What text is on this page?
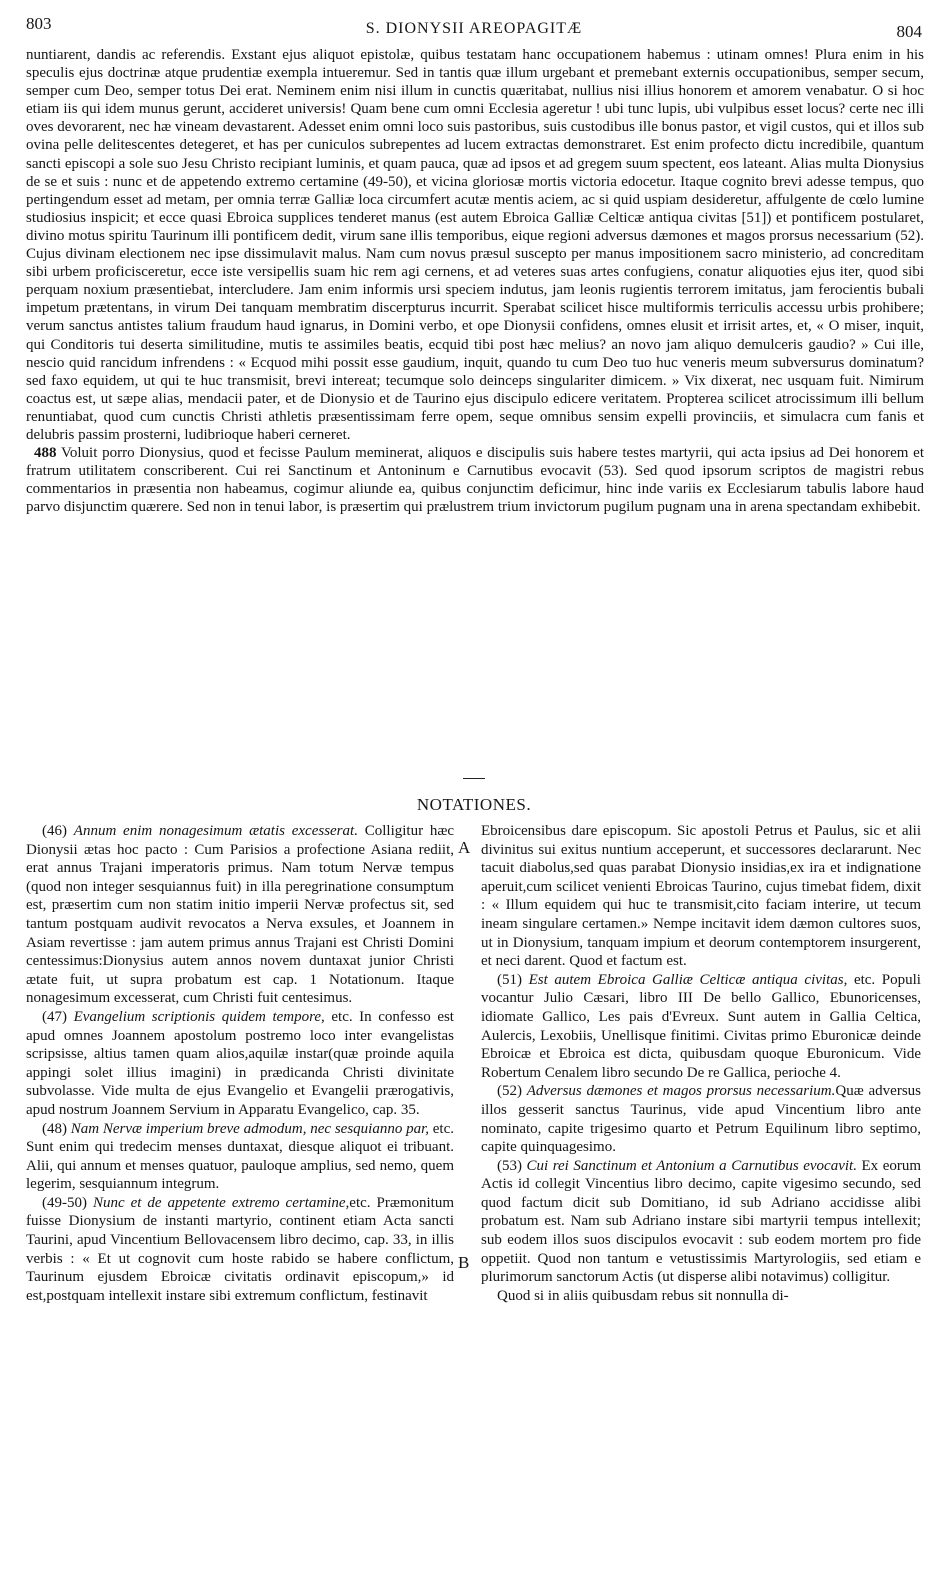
803	S. DIONYSII AREOPAGITÆ	804

nuntiarent, dandis ac referendis. Exstant ejus aliquot epistolæ, quibus testatam hanc occupationem habemus : utinam omnes! Plura enim in his speculis ejus doctrinæ atque prudentiæ exempla intueremur. Sed in tantis quæ illum urgebant et premebant externis occupationibus, semper secum, semper cum Deo, semper totus Dei erat. Neminem enim nisi illum in cunctis quæritabat, nullius nisi illius honorem et amorem venabatur. O si hoc etiam iis qui idem munus gerunt, accideret universis! Quam bene cum omni Ecclesia ageretur ! ubi tunc lupis, ubi vulpibus esset locus? certe nec illi oves devorarent, nec hæ vineam devastarent. Adesset enim omni loco suis pastoribus, suis custodibus ille bonus pastor, et vigil custos, qui et illos sub ovina pelle delitescentes detegeret, et has per cuniculos subrepentes ad lucem extractas demonstraret. Est enim profecto dictu incredibile, quantum sancti episcopi a sole suo Jesu Christo recipiant luminis, et quam pauca, quæ ad ipsos et ad gregem suum spectent, eos lateant. Alias multa Dionysius de se et suis : nunc et de appetendo extremo certamine (49-50), et vicina gloriosæ mortis victoria edocetur. Itaque cognito brevi adesse tempus, quo pertingendum esset ad metam, per omnia terræ Galliæ loca circumfert acutæ mentis aciem, ac si quid uspiam desideretur, affulgente de cœlo lumine studiosius inspicit; et ecce quasi Ebroica supplices tenderet manus (est autem Ebroica Galliæ Celticæ antiqua civitas [51]) et pontificem postularet, divino motus spiritu Taurinum illi pontificem dedit, virum sane illis temporibus, eique regioni adversus dæmones et magos prorsus necessarium (52). Cujus divinam electionem nec ipse dissimulavit malus. Nam cum novus præsul suscepto per manus impositionem sacro ministerio, ad concreditam sibi urbem proficisceretur, ecce iste versipellis suam hic rem agi cernens, et ad veteres suas artes confugiens, conatur aliquoties ejus iter, quod sibi perquam noxium præsentiebat, intercludere. Jam enim informis ursi speciem indutus, jam leonis rugientis terrorem imitatus, jam ferocientis bubali impetum prætentans, in virum Dei tanquam membratim discerpturus incurrit. Sperabat scilicet hisce multiformis terriculis accessu urbis prohibere; verum sanctus antistes talium fraudum haud ignarus, in Domini verbo, et ope Dionysii confidens, omnes elusit et irrisit artes, et, « O miser, inquit, qui Conditoris tui deserta similitudine, mutis te assimiles beatis, ecquid tibi post hæc melius? an novo jam aliquo demulceris gaudio? » Cui ille, nescio quid rancidum infrendens : « Ecquod mihi possit esse gaudium, inquit, quando tu cum Deo tuo huc veneris meum subversurus dominatum? sed faxo equidem, ut qui te huc transmisit, brevi intereat; tecumque solo deinceps singulariter dimicem. » Vix dixerat, nec usquam fuit. Nimirum coactus est, ut sæpe alias, mendacii pater, et de Dionysio et de Taurino ejus discipulo edicere veritatem. Propterea scilicet atrocissimum illi bellum renuntiabat, quod cum cunctis Christi athletis præsentissimam ferre opem, seque omnibus sensim expelli provinciis, et simulacra cum fanis et delubris passim prosterni, ludibrioque haberi cerneret.

488 Voluit porro Dionysius, quod et fecisse Paulum meminerat, aliquos e discipulis suis habere testes martyrii, qui acta ipsius ad Dei honorem et fratrum utilitatem conscriberent. Cui rei Sanctinum et Antoninum e Carnutibus evocavit (53). Sed quod ipsorum scriptos de magistri rebus commentarios in præsentia non habeamus, cogimur aliunde ea, quibus conjunctim deficimur, hinc inde variis ex Ecclesiarum tabulis labore haud parvo disjunctim quærere. Sed non in tenui labor, is præsertim qui prælustrem trium invictorum pugilum pugnam una in arena spectandam exhibebit.

NOTATIONES.
A
B

(46) Annum enim nonagesimum ætatis excesserat. Colligitur hæc Dionysii ætas hoc pacto : Cum Parisios a profectione Asiana rediit, erat annus Trajani imperatoris primus. Nam totum Nervæ tempus (quod non integer sesquiannus fuit) in illa peregrinatione consumptum est, præsertim cum non statim initio imperii Nervæ profectus sit, sed tantum postquam audivit revocatos a Nerva exsules, et Joannem in Asiam revertisse : jam autem primus annus Trajani est Christi Domini centessimus:Dionysius autem annos novem duntaxat junior Christi ætate fuit, ut supra probatum est cap. 1 Notationum. Itaque nonagesimum excesserat, cum Christi fuit centesimus.

(47) Evangelium scriptionis quidem tempore, etc. In confesso est apud omnes Joannem apostolum postremo loco inter evangelistas scripsisse, altius tamen quam alios,aquilæ instar(quæ proinde aquila appingi solet illius imagini) in prædicanda Christi divinitate subvolasse. Vide multa de ejus Evangelio et Evangelii prærogativis, apud nostrum Joannem Servium in Apparatu Evangelico, cap. 35.

(48) Nam Nervæ imperium breve admodum, nec sesquianno par, etc. Sunt enim qui tredecim menses duntaxat, diesque aliquot ei tribuant. Alii, qui annum et menses quatuor, pauloque amplius, sed nemo, quem legerim, sesquiannum integrum.

(49-50) Nunc et de appetente extremo certamine,etc. Præmonitum fuisse Dionysium de instanti martyrio, continent etiam Acta sancti Taurini, apud Vincentium Bellovacensem libro decimo, cap. 33, in illis verbis : « Et ut cognovit cum hoste rabido se habere conflictum, Taurinum ejusdem Ebroicæ civitatis ordinavit episcopum,» id est,postquam intellexit instare sibi extremum conflictum, festinavit

Ebroicensibus dare episcopum. Sic apostoli Petrus et Paulus, sic et alii divinitus sui exitus nuntium acceperunt, et successores declararunt. Nec tacuit diabolus,sed quas parabat Dionysio insidias,ex ira et indignatione aperuit,cum scilicet venienti Ebroicas Taurino, cujus timebat fidem, dixit : « Illum equidem qui huc te transmisit,cito faciam interire, ut tecum ineam singulare certamen.» Nempe incitavit idem dæmon cultores suos, ut in Dionysium, tanquam impium et deorum contemptorem insurgerent, et neci darent. Quod et factum est.

(51) Est autem Ebroica Galliæ Celticæ antiqua civitas, etc. Populi vocantur Julio Cæsari, libro III De bello Gallico, Ebunoricenses, idiomate Gallico, Les pais d'Evreux. Sunt autem in Gallia Celtica, Aulercis, Lexobiis, Unellisque finitimi. Civitas primo Eburonicæ deinde Ebroicæ et Ebroica est dicta, quibusdam quoque Eburonicum. Vide Robertum Cenalem libro secundo De re Gallica, perioche 4.

(52) Adversus dæmones et magos prorsus necessarium.Quæ adversus illos gesserit sanctus Taurinus, vide apud Vincentium libro ante nominato, capite trigesimo quarto et Petrum Equilinum libro septimo, capite quinquagesimo.

(53) Cui rei Sanctinum et Antonium a Carnutibus evocavit. Ex eorum Actis id collegit Vincentius libro decimo, capite vigesimo secundo, sed quod factum dicit sub Domitiano, id sub Adriano accidisse alibi probatum est. Nam sub Adriano instare sibi martyrii tempus intellexit; sub eodem illos suos discipulos evocavit : sub eodem mortem pro fide oppetiit. Quod non tantum e vetustissimis Martyrologiis, sed etiam e plurimorum sanctorum Actis (ut disperse alibi notavimus) colligitur.

Quod si in aliis quibusdam rebus sit nonnulla di-
